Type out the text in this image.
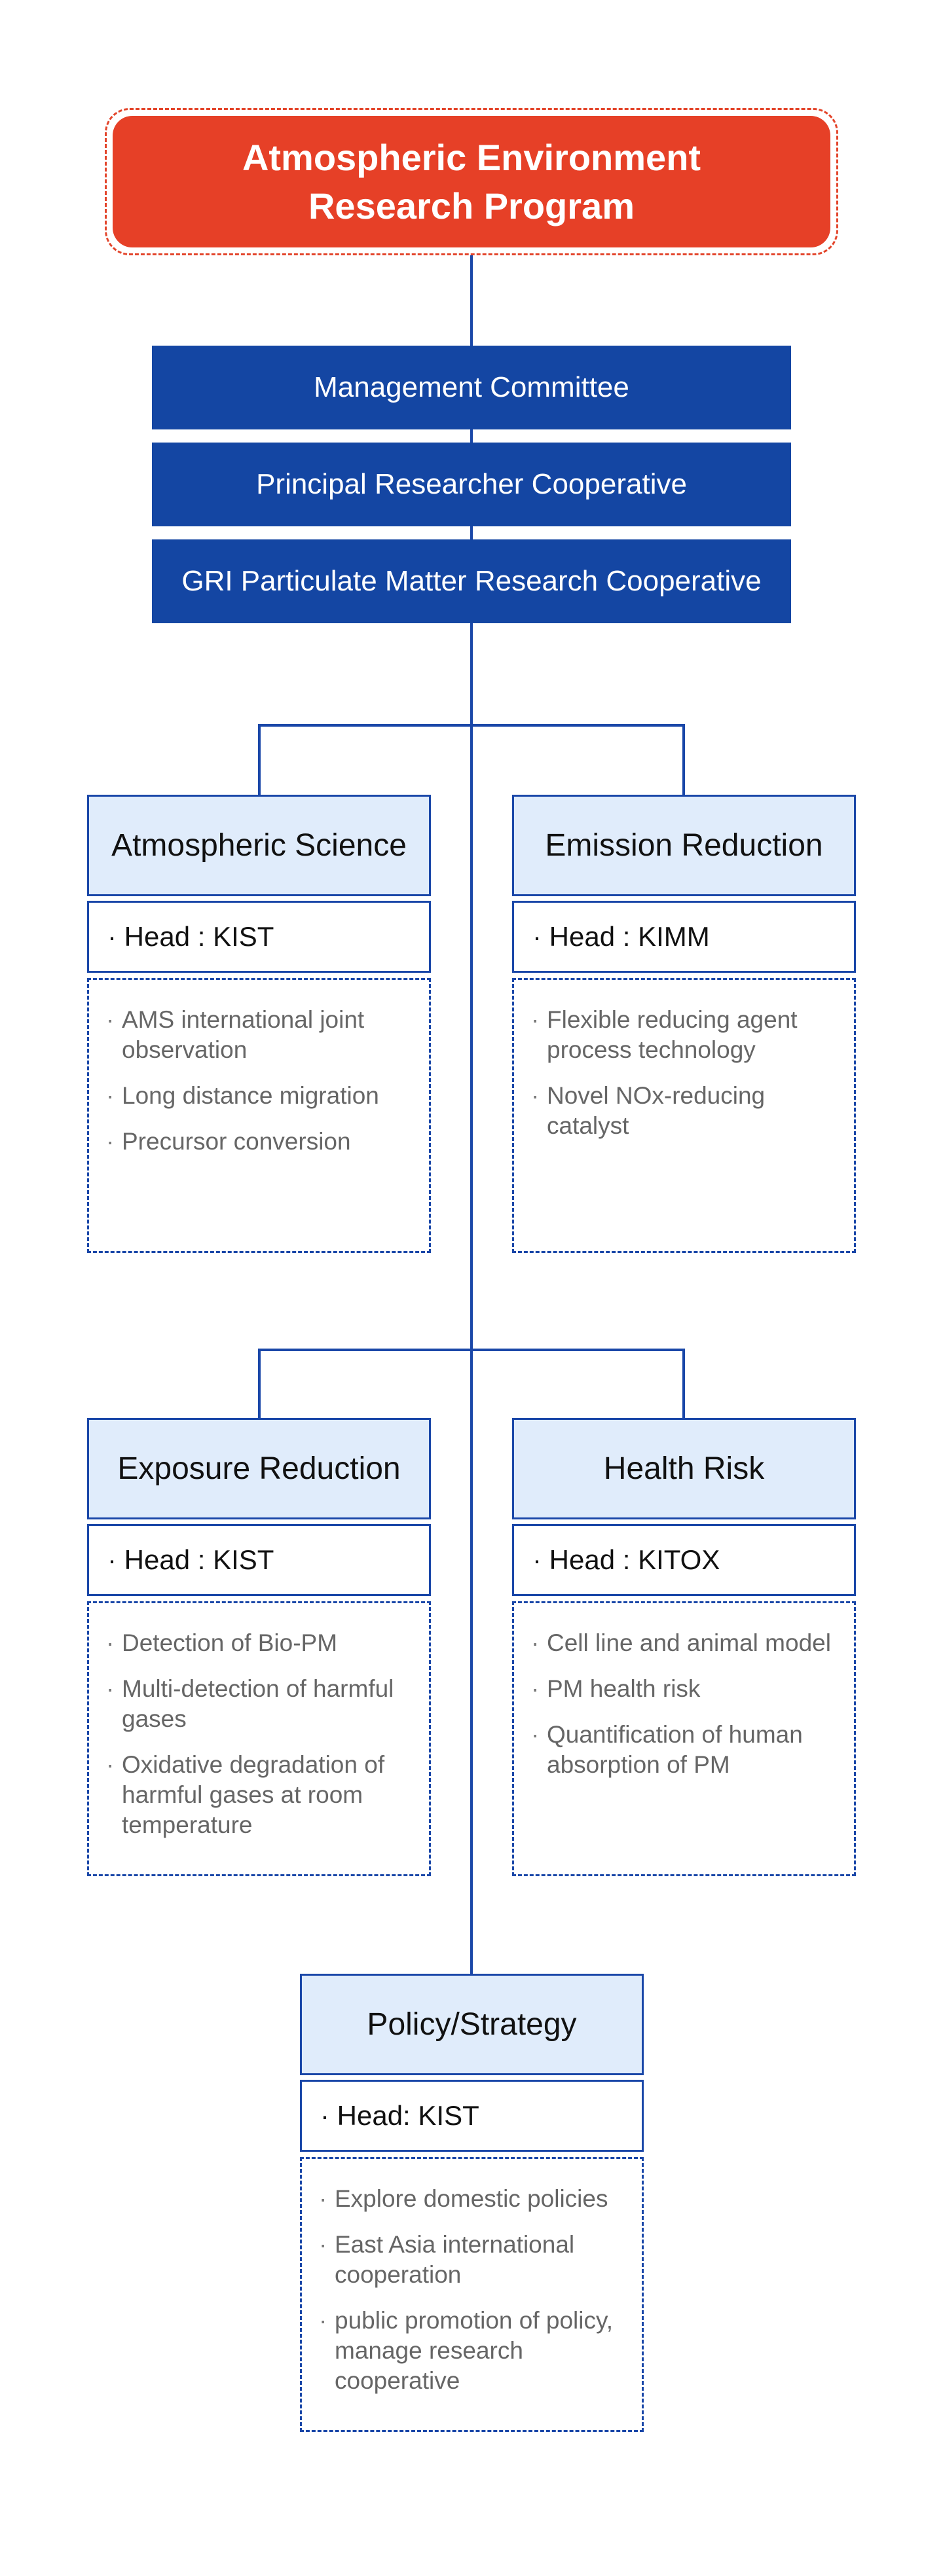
Atmospheric Environment
Research Program
Management Committee
Principal Researcher Cooperative
GRI Particulate Matter Research Cooperative
Atmospheric Science
· Head : KIST
· AMS international joint observation
· Long distance migration
· Precursor conversion
Emission Reduction
· Head : KIMM
· Flexible reducing agent process technology
· Novel NOx-reducing catalyst
Exposure Reduction
· Head : KIST
· Detection of Bio-PM
· Multi-detection of harmful gases
· Oxidative degradation of harmful gases at room temperature
Health Risk
· Head : KITOX
· Cell line and animal model
· PM health risk
· Quantification of human absorption of PM
Policy/Strategy
· Head: KIST
· Explore domestic policies
· East Asia international cooperation
· public promotion of policy, manage research cooperative
